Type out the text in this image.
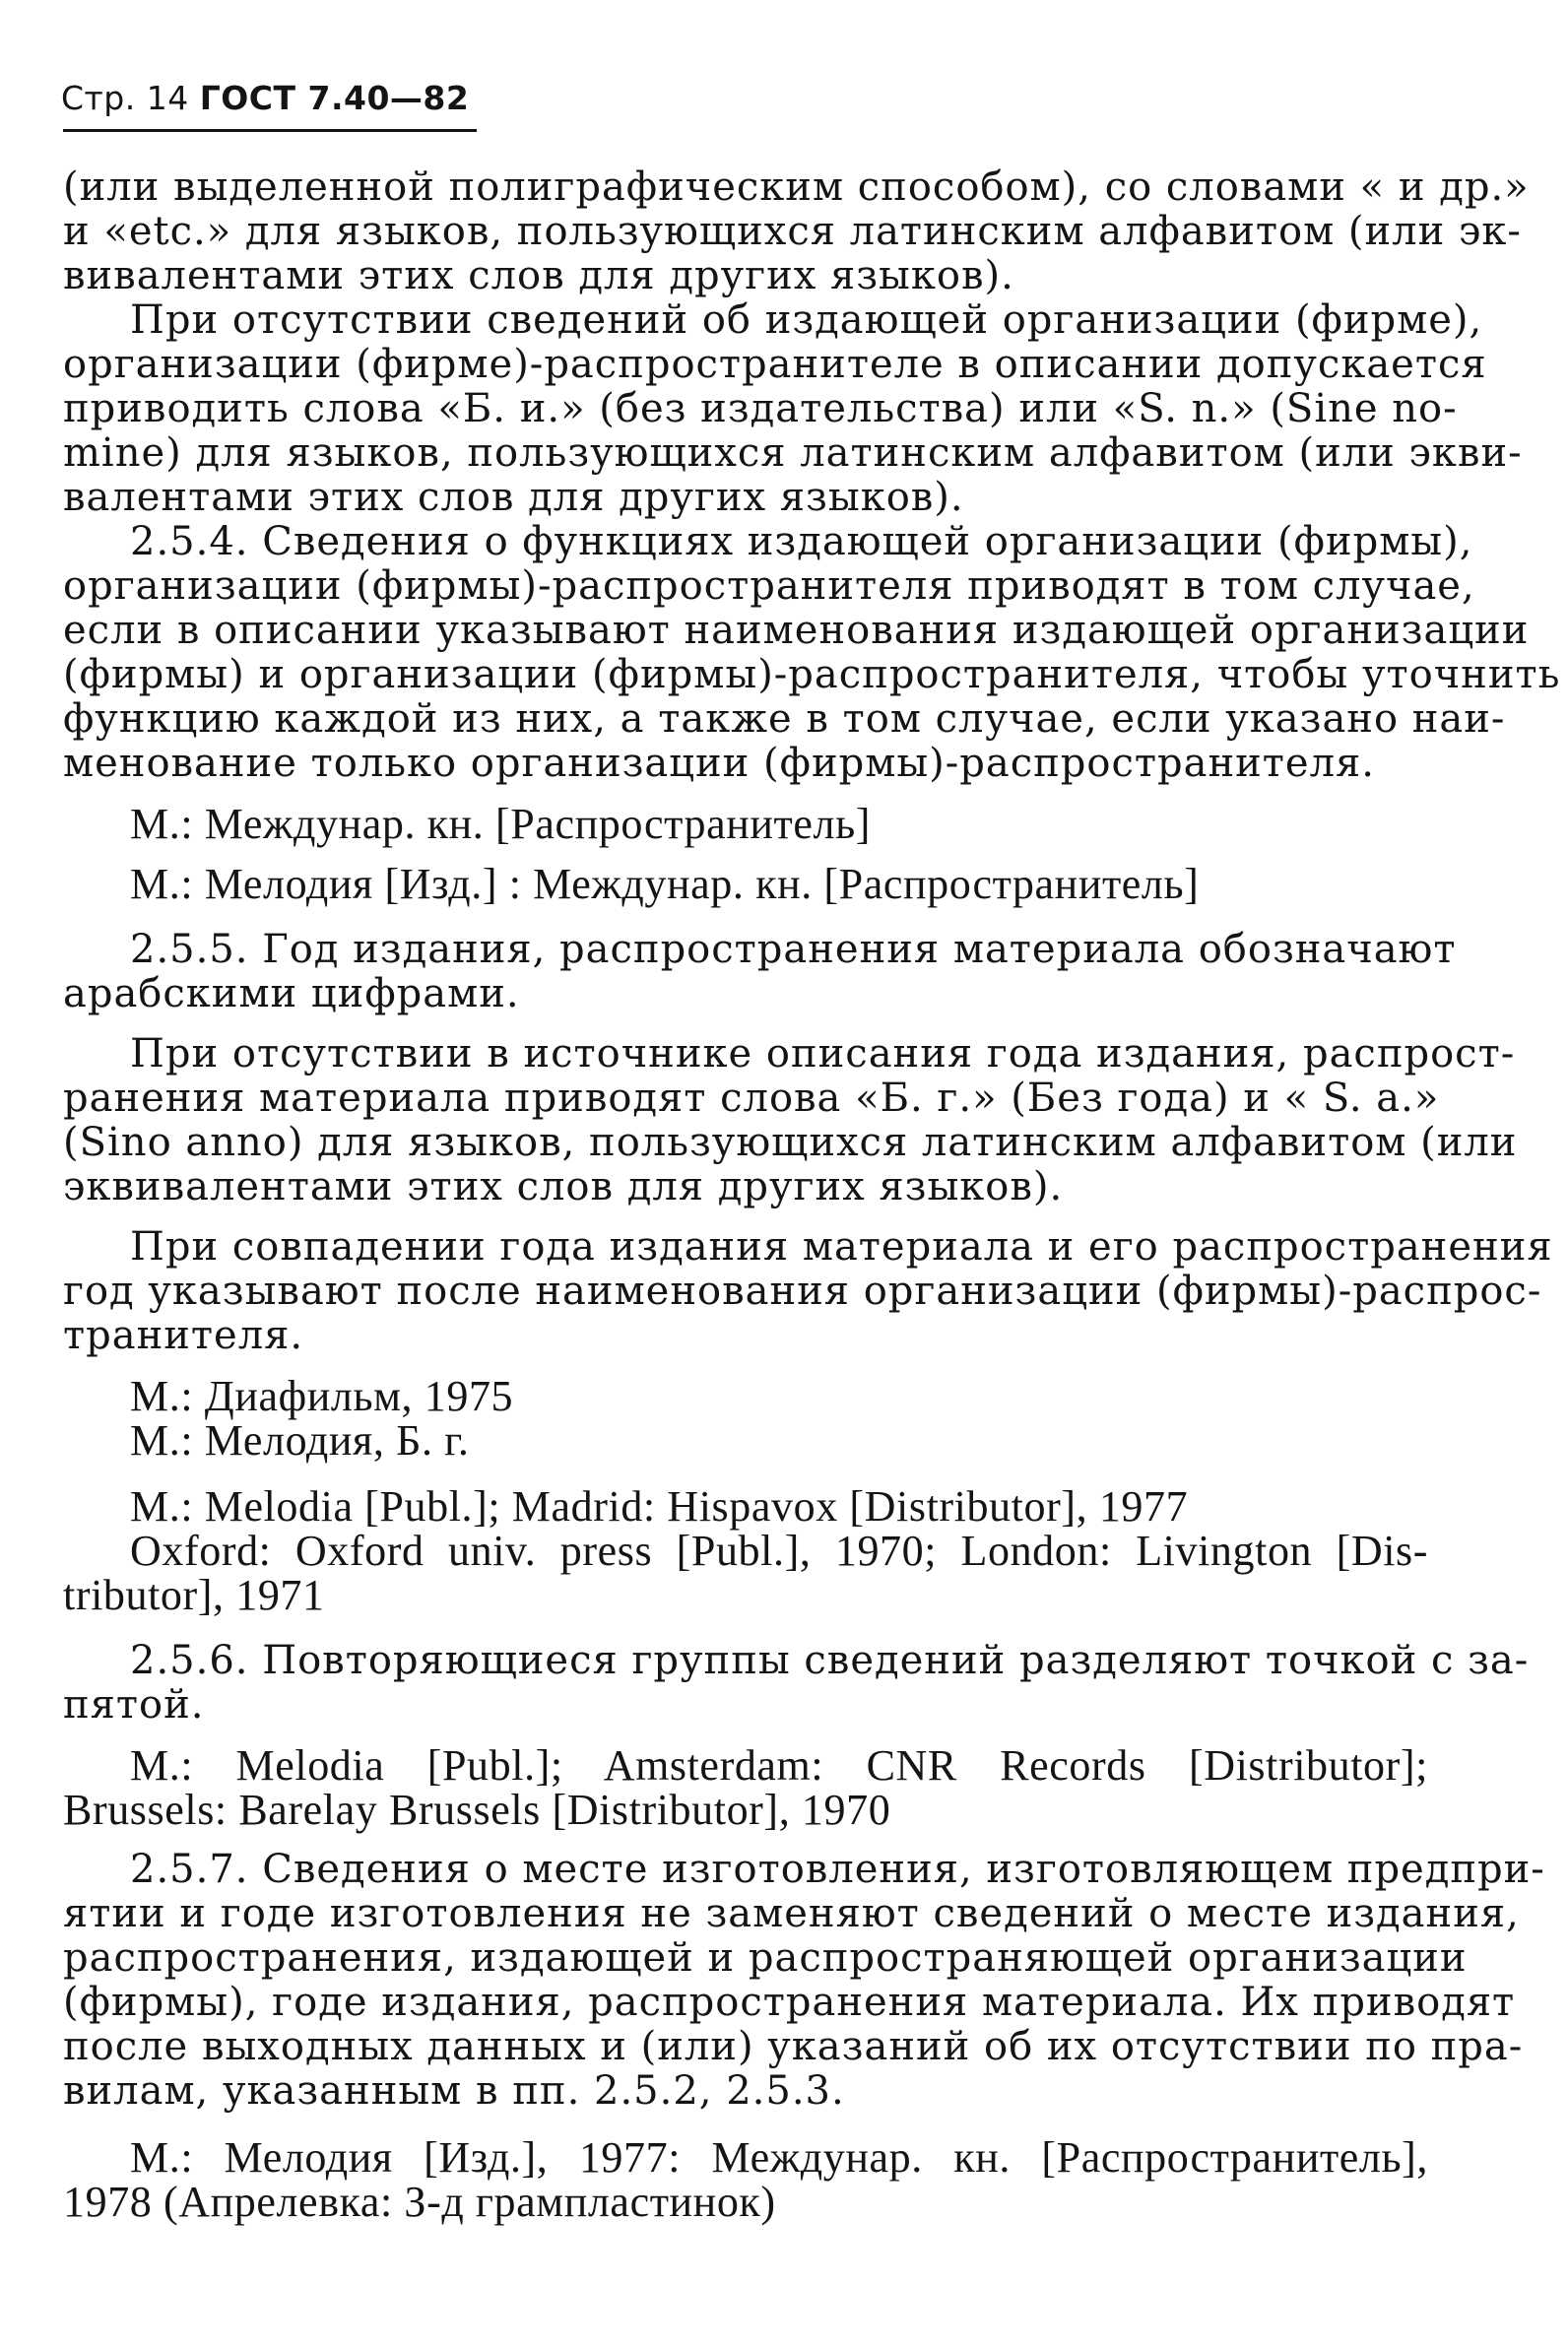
Стр. 14 ГОСТ 7.40—82
(или выделенной полиграфическим способом), со словами « и др.»
и «etc.» для языков, пользующихся латинским алфавитом (или эк-
вивалентами этих слов для других языков).
При отсутствии сведений об издающей организации (фирме),
организации (фирме)-распространителе в описании допускается
приводить слова «Б. и.» (без издательства) или «S. n.» (Sine no-
mine) для языков, пользующихся латинским алфавитом (или экви-
валентами этих слов для других языков).
2.5.4. Сведения о функциях издающей организации (фирмы),
организации (фирмы)-распространителя приводят в том случае,
если в описании указывают наименования издающей организации
(фирмы) и организации (фирмы)-распространителя, чтобы уточнить
функцию каждой из них, а также в том случае, если указано наи-
менование только организации (фирмы)-распространителя.
М.: Междунар. кн. [Распространитель]
М.: Мелодия [Изд.] : Междунар. кн. [Распространитель]
2.5.5. Год издания, распространения материала обозначают
арабскими цифрами.
При отсутствии в источнике описания года издания, распрост-
ранения материала приводят слова «Б. г.» (Без года) и « S. a.»
(Sino anno) для языков, пользующихся латинским алфавитом (или
эквивалентами этих слов для других языков).
При совпадении года издания материала и его распространения
год указывают после наименования организации (фирмы)-распрос-
транителя.
М.: Диафильм, 1975
М.: Мелодия, Б. г.
M.: Melodia [Publ.]; Madrid: Hispavox [Distributor], 1977
Oxford: Oxford univ. press [Publ.], 1970; London: Livington [Dis-
tributor], 1971
2.5.6. Повторяющиеся группы сведений разделяют точкой с за-
пятой.
M.: Melodia [Publ.]; Amsterdam: CNR Records [Distributor];
Brussels: Barelay Brussels [Distributor], 1970
2.5.7. Сведения о месте изготовления, изготовляющем предпри-
ятии и годе изготовления не заменяют сведений о месте издания,
распространения, издающей и распространяющей организации
(фирмы), годе издания, распространения материала. Их приводят
после выходных данных и (или) указаний об их отсутствии по пра-
вилам, указанным в пп. 2.5.2, 2.5.3.
М.: Мелодия [Изд.], 1977: Междунар. кн. [Распространитель],
1978 (Апрелевка: З-д грампластинок)
